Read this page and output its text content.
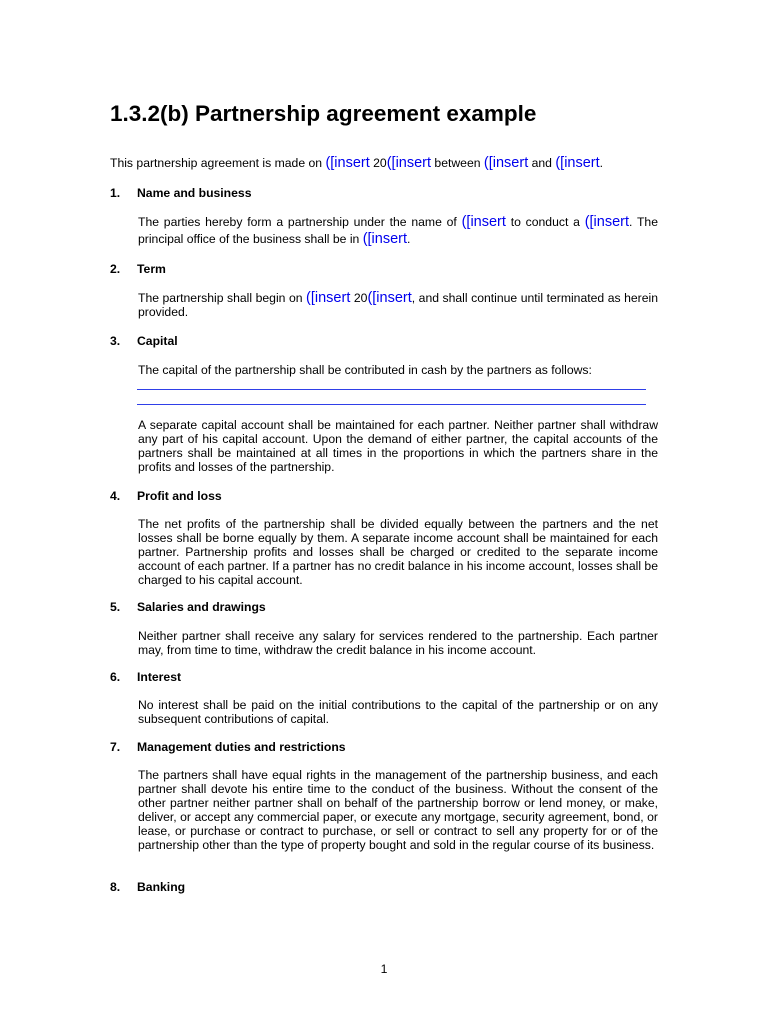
1.3.2(b) Partnership agreement example
This partnership agreement is made on ([insert 20([insert between ([insert and ([insert.
1. Name and business

The parties hereby form a partnership under the name of ([insert to conduct a ([insert. The principal office of the business shall be in ([insert.

2. Term

The partnership shall begin on ([insert 20([insert, and shall continue until terminated as herein provided.

3. Capital

The capital of the partnership shall be contributed in cash by the partners as follows:

A separate capital account shall be maintained for each partner. Neither partner shall withdraw any part of his capital account. Upon the demand of either partner, the capital accounts of the partners shall be maintained at all times in the proportions in which the partners share in the profits and losses of the partnership.

4. Profit and loss

The net profits of the partnership shall be divided equally between the partners and the net losses shall be borne equally by them. A separate income account shall be maintained for each partner. Partnership profits and losses shall be charged or credited to the separate income account of each partner. If a partner has no credit balance in his income account, losses shall be charged to his capital account.

5. Salaries and drawings

Neither partner shall receive any salary for services rendered to the partnership. Each partner may, from time to time, withdraw the credit balance in his income account.

6. Interest

No interest shall be paid on the initial contributions to the capital of the partnership or on any subsequent contributions of capital.

7. Management duties and restrictions

The partners shall have equal rights in the management of the partnership business, and each partner shall devote his entire time to the conduct of the business. Without the consent of the other partner neither partner shall on behalf of the partnership borrow or lend money, or make, deliver, or accept any commercial paper, or execute any mortgage, security agreement, bond, or lease, or purchase or contract to purchase, or sell or contract to sell any property for or of the partnership other than the type of property bought and sold in the regular course of its business.

8. Banking
1
